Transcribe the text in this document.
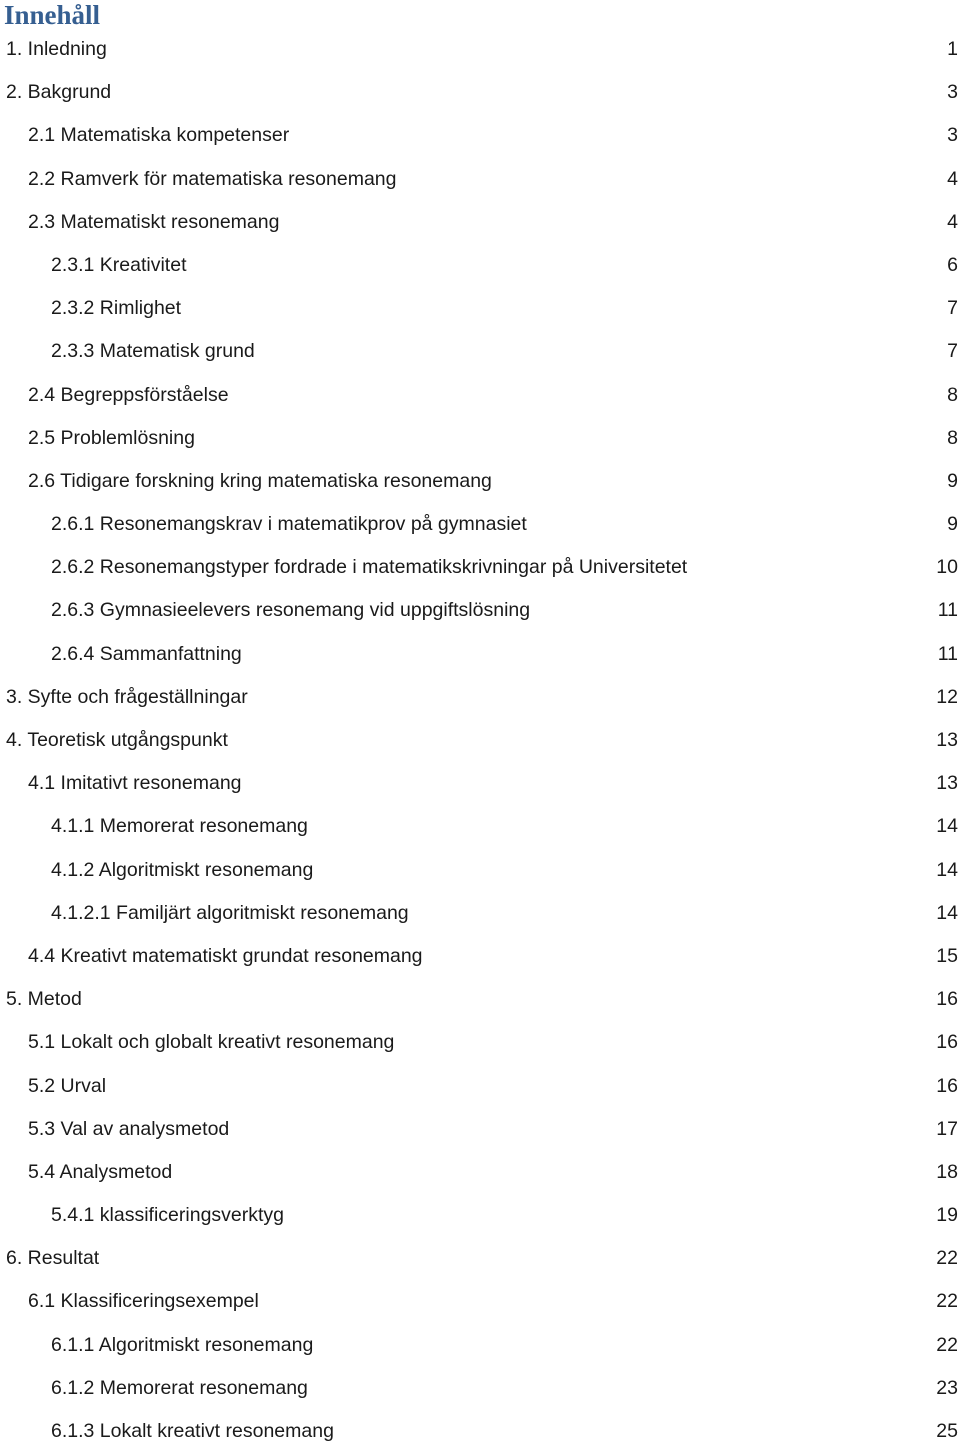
Innehåll
1. Inledning	1
2. Bakgrund	3
2.1 Matematiska kompetenser	3
2.2 Ramverk för matematiska resonemang	4
2.3 Matematiskt resonemang	4
2.3.1 Kreativitet	6
2.3.2 Rimlighet	7
2.3.3 Matematisk grund	7
2.4 Begreppsförståelse	8
2.5 Problemlösning	8
2.6 Tidigare forskning kring matematiska resonemang	9
2.6.1 Resonemangskrav i matematikprov på gymnasiet	9
2.6.2 Resonemangstyper fordrade i matematikskrivningar på Universitetet	10
2.6.3 Gymnasieelevers resonemang vid uppgiftslösning	11
2.6.4 Sammanfattning	11
3. Syfte och frågeställningar	12
4. Teoretisk utgångspunkt	13
4.1 Imitativt resonemang	13
4.1.1 Memorerat resonemang	14
4.1.2 Algoritmiskt resonemang	14
4.1.2.1 Familjärt algoritmiskt resonemang	14
4.4 Kreativt matematiskt grundat resonemang	15
5. Metod	16
5.1 Lokalt och globalt kreativt resonemang	16
5.2 Urval	16
5.3 Val av analysmetod	17
5.4 Analysmetod	18
5.4.1 klassificeringsverktyg	19
6. Resultat	22
6.1 Klassificeringsexempel	22
6.1.1 Algoritmiskt resonemang	22
6.1.2 Memorerat resonemang	23
6.1.3 Lokalt kreativt resonemang	25
